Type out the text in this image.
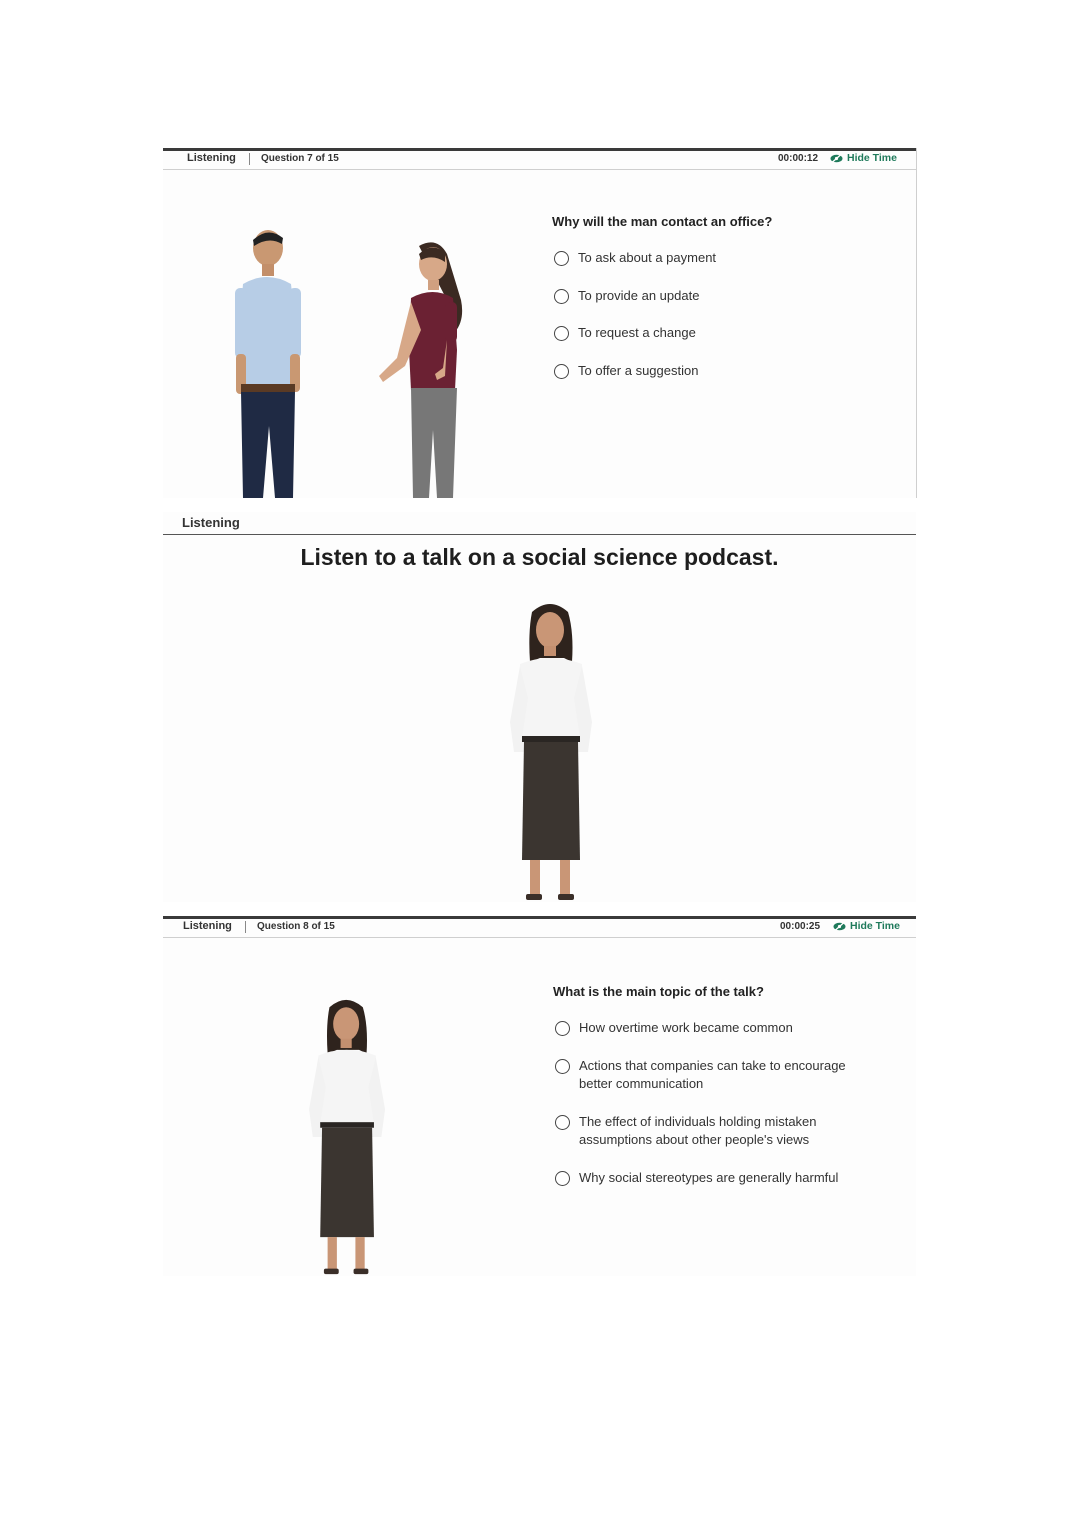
Listening	Question 7 of 15	00:00:12	Hide Time
Why will the man contact an office?
To ask about a payment
To provide an update
To request a change
To offer a suggestion
Listening
Listen to a talk on a social science podcast.
Listening	Question 8 of 15	00:00:25	Hide Time
What is the main topic of the talk?
How overtime work became common
Actions that companies can take to encourage better communication
The effect of individuals holding mistaken assumptions about other people's views
Why social stereotypes are generally harmful
